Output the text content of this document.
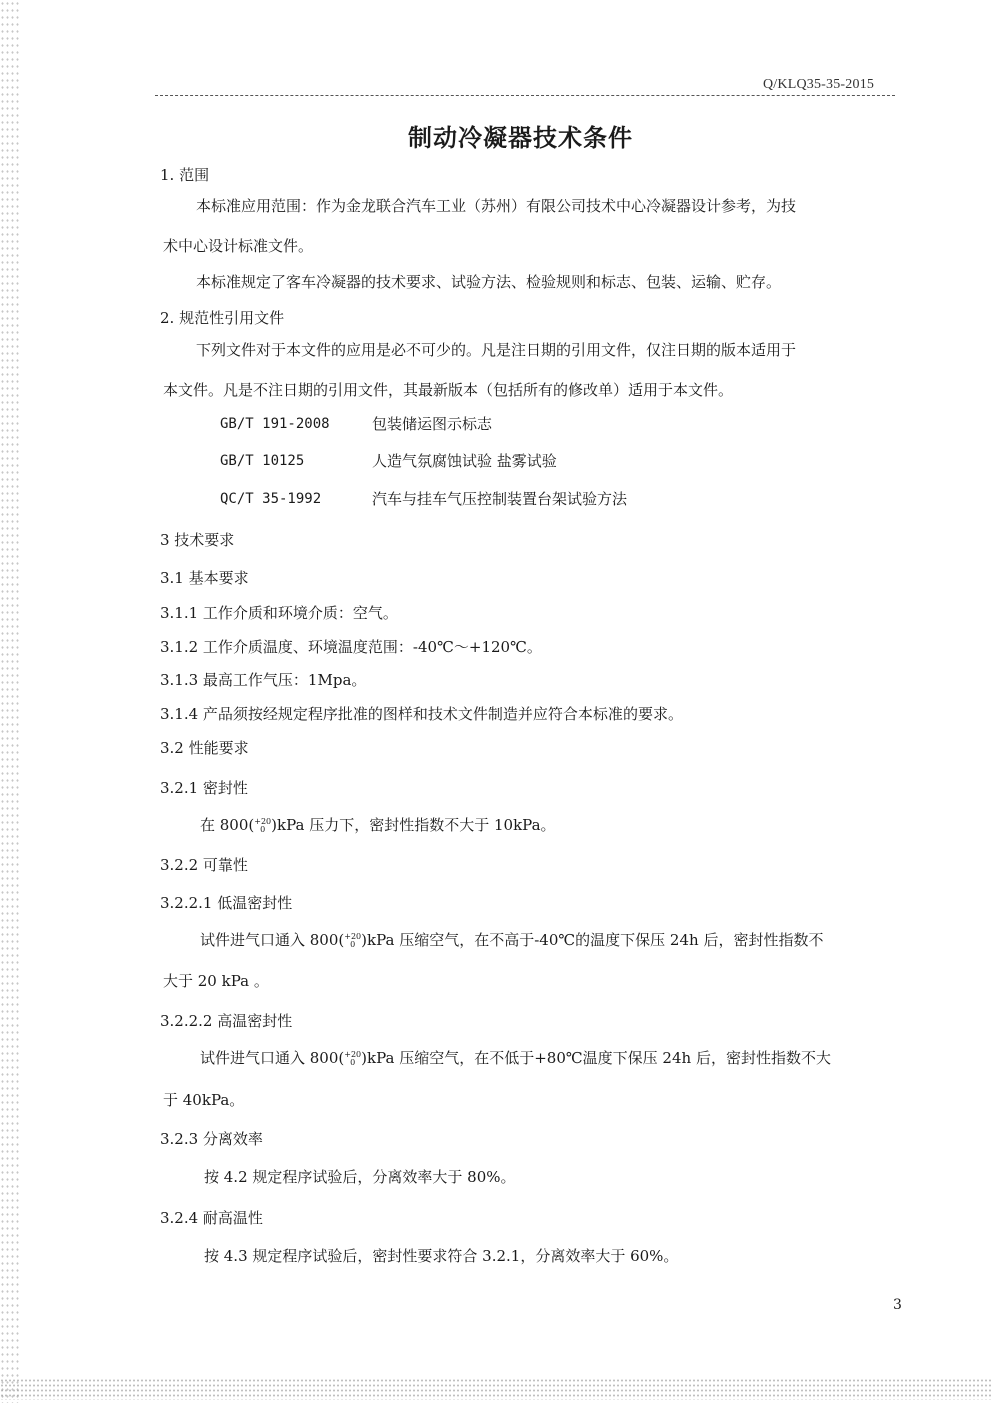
Q/KLQ35-35-2015
制动冷凝器技术条件
1. 范围
本标准应用范围：作为金龙联合汽车工业（苏州）有限公司技术中心冷凝器设计参考，为技
术中心设计标准文件。
本标准规定了客车冷凝器的技术要求、试验方法、检验规则和标志、包装、运输、贮存。
2. 规范性引用文件
下列文件对于本文件的应用是必不可少的。凡是注日期的引用文件，仅注日期的版本适用于
本文件。凡是不注日期的引用文件，其最新版本（包括所有的修改单）适用于本文件。
GB/T 191-2008	包装储运图示标志
GB/T 10125	人造气氛腐蚀试验 盐雾试验
QC/T 35-1992	汽车与挂车气压控制装置台架试验方法
3 技术要求
3.1 基本要求
3.1.1 工作介质和环境介质：空气。
3.1.2 工作介质温度、环境温度范围：-40℃～+120℃。
3.1.3 最高工作气压：1Mpa。
3.1.4 产品须按经规定程序批准的图样和技术文件制造并应符合本标准的要求。
3.2 性能要求
3.2.1 密封性
在 800(+20
0 )kPa 压力下，密封性指数不大于 10kPa。
3.2.2 可靠性
3.2.2.1 低温密封性
试件进气口通入 800(+20
0 )kPa 压缩空气，在不高于-40℃的温度下保压 24h 后，密封性指数不
大于 20 kPa 。
3.2.2.2 高温密封性
试件进气口通入 800(+20
0 )kPa 压缩空气，在不低于+80℃温度下保压 24h 后，密封性指数不大
于 40kPa。
3.2.3 分离效率
按 4.2 规定程序试验后，分离效率大于 80%。
3.2.4 耐高温性
按 4.3 规定程序试验后，密封性要求符合 3.2.1，分离效率大于 60%。
3
